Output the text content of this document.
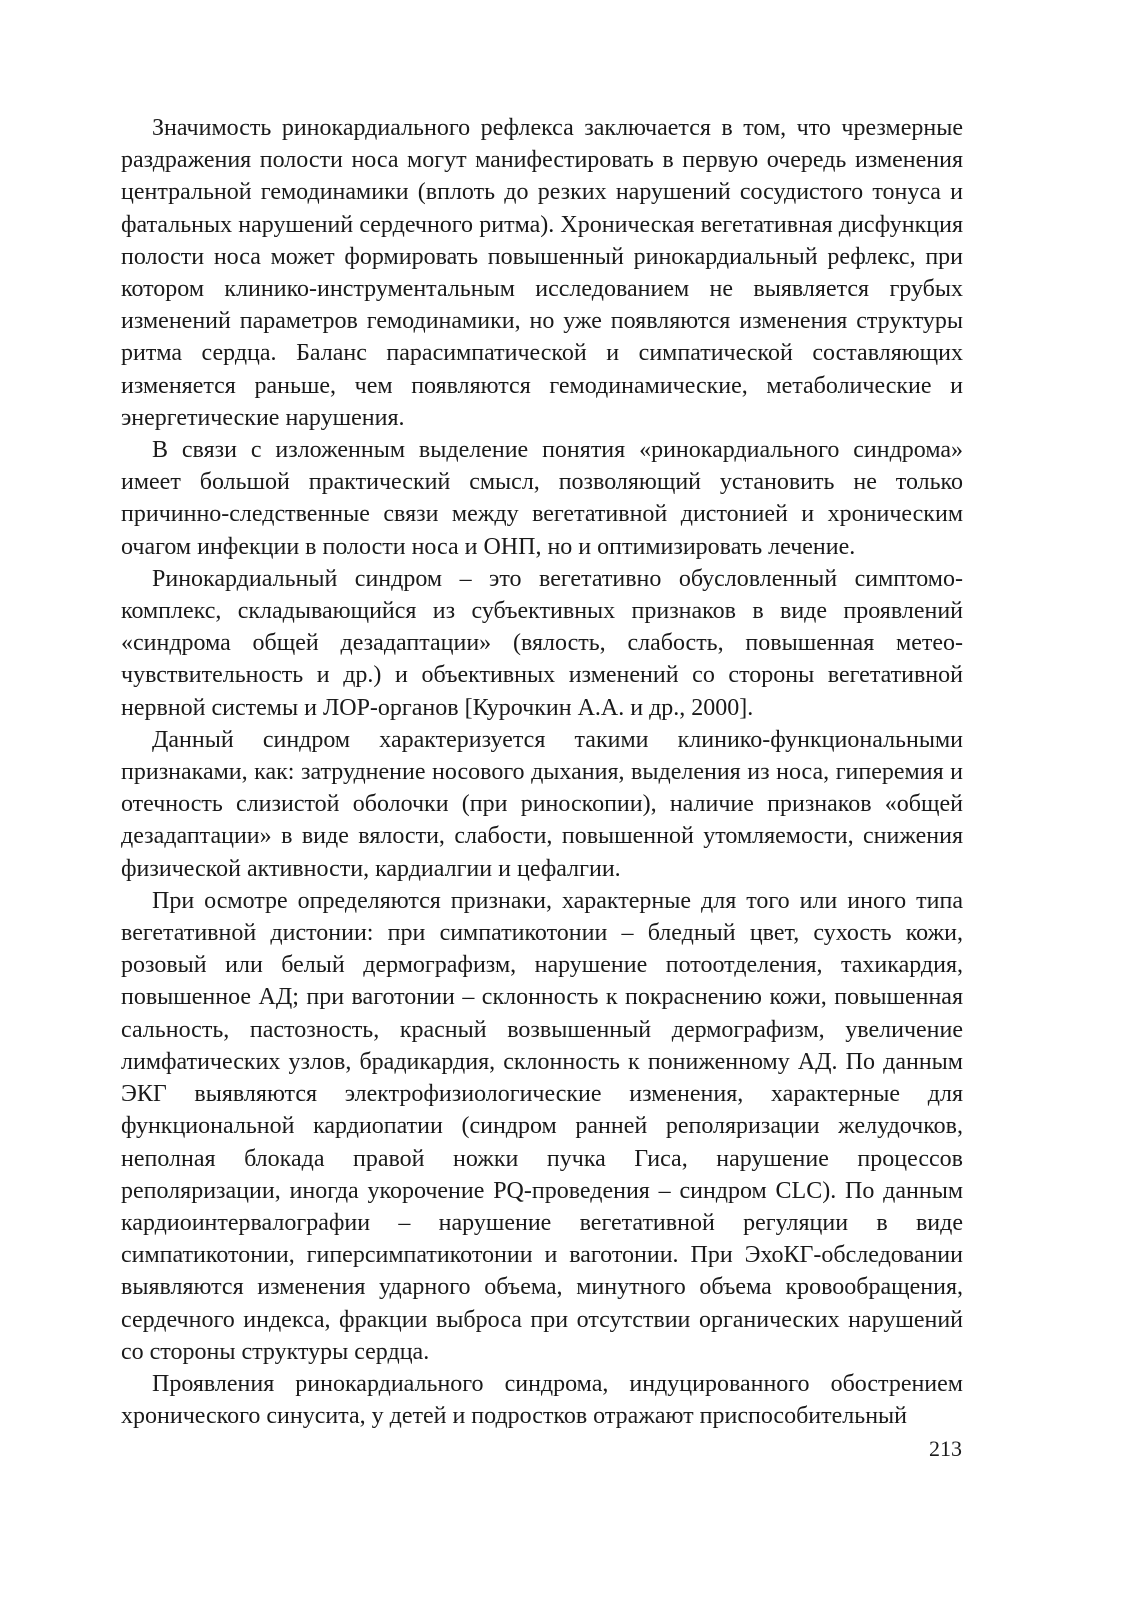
Значимость ринокардиального рефлекса заключается в том, что чрезмерные раздражения полости носа могут манифестировать в первую очередь изменения центральной гемодинамики (вплоть до резких нарушений сосудистого тонуса и фатальных нарушений сердечного ритма). Хроническая вегетативная дисфункция полости носа может формировать повышенный ринокардиальный рефлекс, при котором клинико-инструментальным исследованием не выявляется грубых изменений параметров гемодинамики, но уже появляются изменения структуры ритма сердца. Баланс парасимпатической и симпатической составляющих изменяется раньше, чем появляются гемодинамические, метаболические и энергетические нарушения.

В связи с изложенным выделение понятия «ринокардиального синдрома» имеет большой практический смысл, позволяющий установить не только причинно-следственные связи между вегетативной дистонией и хроническим очагом инфекции в полости носа и ОНП, но и оптимизировать лечение.

Ринокардиальный синдром – это вегетативно обусловленный симптомокомплекс, складывающийся из субъективных признаков в виде проявлений «синдрома общей дезадаптации» (вялость, слабость, повышенная метеочувствительность и др.) и объективных изменений со стороны вегетативной нервной системы и ЛОР-органов [Курочкин А.А. и др., 2000].

Данный синдром характеризуется такими клинико-функциональными признаками, как: затруднение носового дыхания, выделения из носа, гиперемия и отечность слизистой оболочки (при риноскопии), наличие признаков «общей дезадаптации» в виде вялости, слабости, повышенной утомляемости, снижения физической активности, кардиалгии и цефалгии.

При осмотре определяются признаки, характерные для того или иного типа вегетативной дистонии: при симпатикотонии – бледный цвет, сухость кожи, розовый или белый дермографизм, нарушение потоотделения, тахикардия, повышенное АД; при ваготонии – склонность к покраснению кожи, повышенная сальность, пастозность, красный возвышенный дермографизм, увеличение лимфатических узлов, брадикардия, склонность к пониженному АД. По данным ЭКГ выявляются электрофизиологические изменения, характерные для функциональной кардиопатии (синдром ранней реполяризации желудочков, неполная блокада правой ножки пучка Гиса, нарушение процессов реполяризации, иногда укорочение PQ-проведения – синдром CLC). По данным кардиоинтервалографии – нарушение вегетативной регуляции в виде симпатикотонии, гиперсимпатикотонии и ваготонии. При ЭхоКГ-обследовании выявляются изменения ударного объема, минутного объема кровообращения, сердечного индекса, фракции выброса при отсутствии органических нарушений со стороны структуры сердца.

Проявления ринокардиального синдрома, индуцированного обострением хронического синусита, у детей и подростков отражают приспособительный

213
